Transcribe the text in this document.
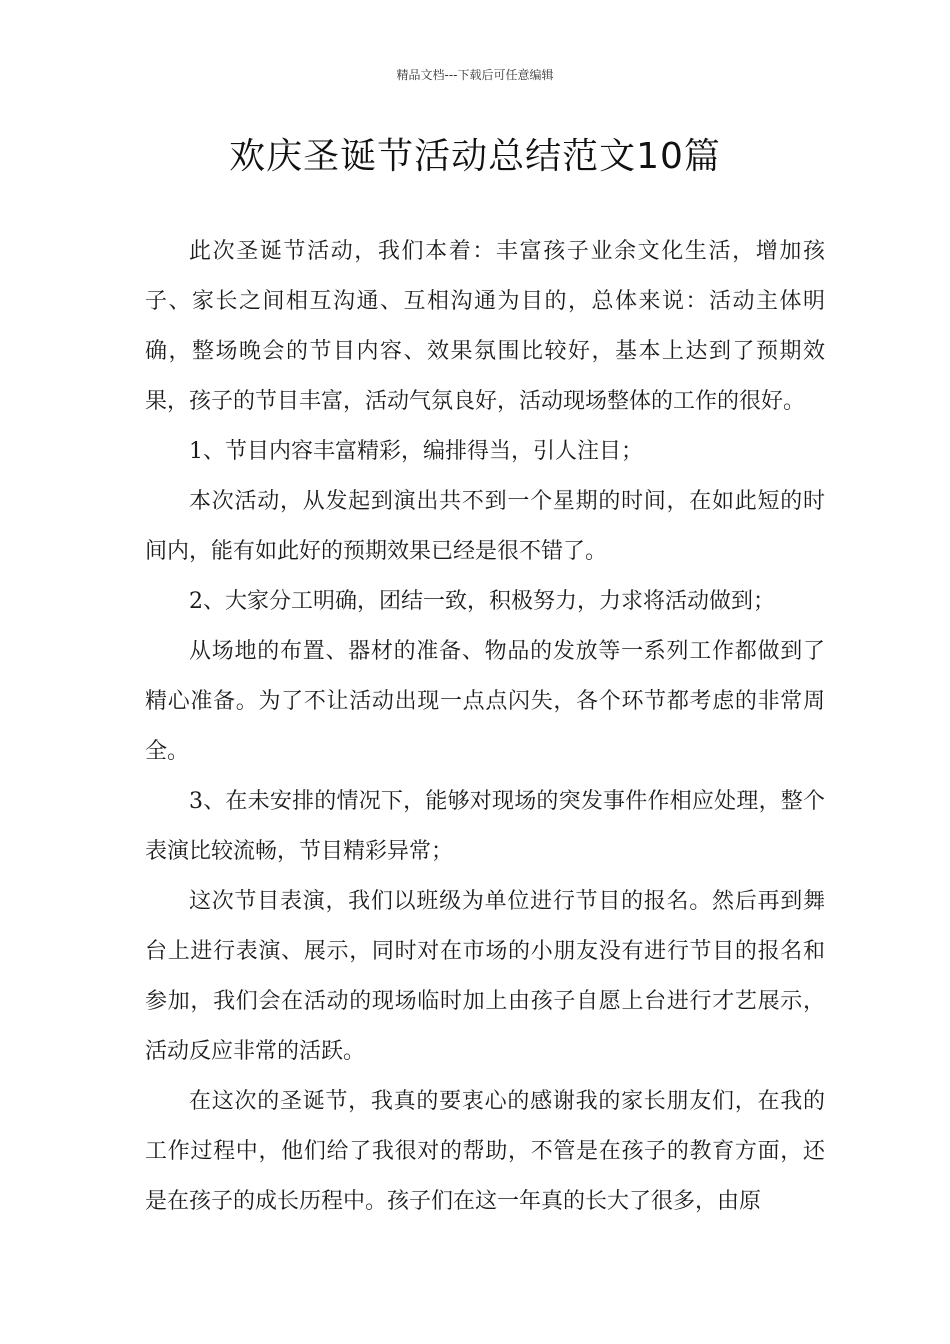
精品文档---下载后可任意编辑
欢庆圣诞节活动总结范文10篇

此次圣诞节活动，我们本着：丰富孩子业余文化生活，增加孩子、家长之间相互沟通、互相沟通为目的，总体来说：活动主体明确，整场晚会的节目内容、效果氛围比较好，基本上达到了预期效果，孩子的节目丰富，活动气氛良好，活动现场整体的工作的很好。

1、节目内容丰富精彩，编排得当，引人注目；

本次活动，从发起到演出共不到一个星期的时间，在如此短的时间内，能有如此好的预期效果已经是很不错了。

2、大家分工明确，团结一致，积极努力，力求将活动做到；

从场地的布置、器材的准备、物品的发放等一系列工作都做到了精心准备。为了不让活动出现一点点闪失，各个环节都考虑的非常周全。

3、在未安排的情况下，能够对现场的突发事件作相应处理，整个表演比较流畅，节目精彩异常；

这次节目表演，我们以班级为单位进行节目的报名。然后再到舞台上进行表演、展示，同时对在市场的小朋友没有进行节目的报名和参加，我们会在活动的现场临时加上由孩子自愿上台进行才艺展示，活动反应非常的活跃。

在这次的圣诞节，我真的要衷心的感谢我的家长朋友们，在我的工作过程中，他们给了我很对的帮助，不管是在孩子的教育方面，还是在孩子的成长历程中。孩子们在这一年真的长大了很多，由原
